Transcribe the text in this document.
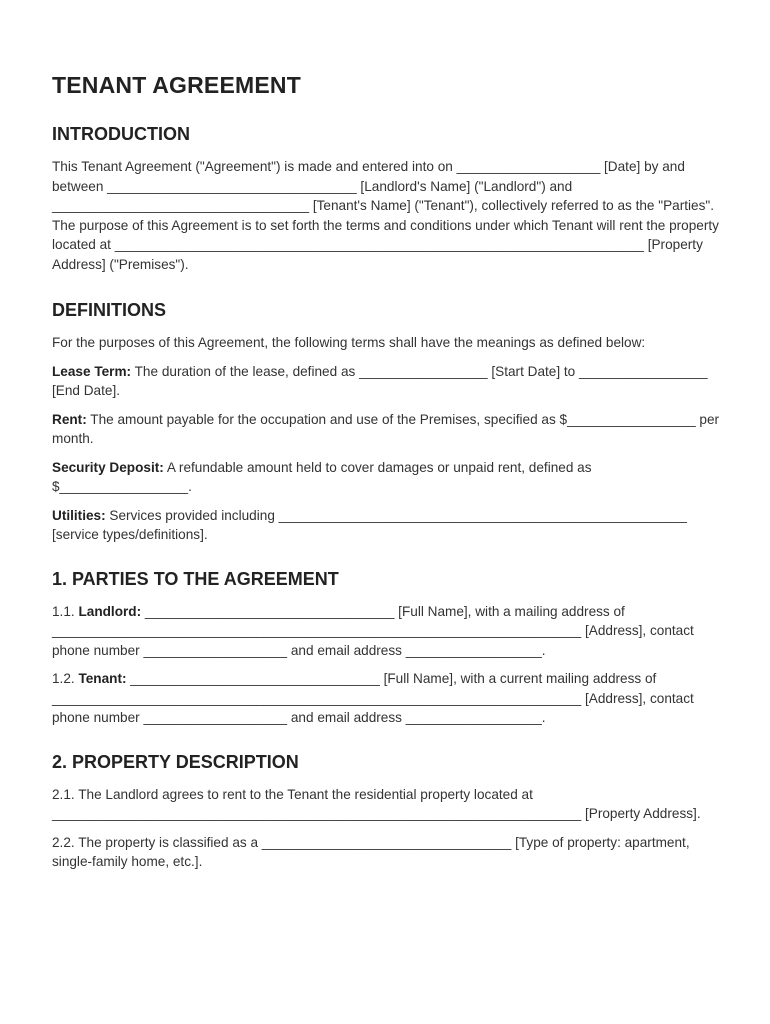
TENANT AGREEMENT
INTRODUCTION

This Tenant Agreement ("Agreement") is made and entered into on ___________________ [Date] by and between _________________________________ [Landlord's Name] ("Landlord") and __________________________________ [Tenant's Name] ("Tenant"), collectively referred to as the "Parties". The purpose of this Agreement is to set forth the terms and conditions under which Tenant will rent the property located at ______________________________________________________________________ [Property Address] ("Premises").

DEFINITIONS

For the purposes of this Agreement, the following terms shall have the meanings as defined below:

Lease Term: The duration of the lease, defined as _________________ [Start Date] to _________________ [End Date].

Rent: The amount payable for the occupation and use of the Premises, specified as $_________________ per month.

Security Deposit: A refundable amount held to cover damages or unpaid rent, defined as $_________________.

Utilities: Services provided including ______________________________________________________ [service types/definitions].

1. PARTIES TO THE AGREEMENT

1.1. Landlord: _________________________________ [Full Name], with a mailing address of ______________________________________________________________________ [Address], contact phone number ___________________ and email address __________________.

1.2. Tenant: _________________________________ [Full Name], with a current mailing address of ______________________________________________________________________ [Address], contact phone number ___________________ and email address __________________.

2. PROPERTY DESCRIPTION

2.1. The Landlord agrees to rent to the Tenant the residential property located at ______________________________________________________________________ [Property Address].

2.2. The property is classified as a _________________________________ [Type of property: apartment, single-family home, etc.].
